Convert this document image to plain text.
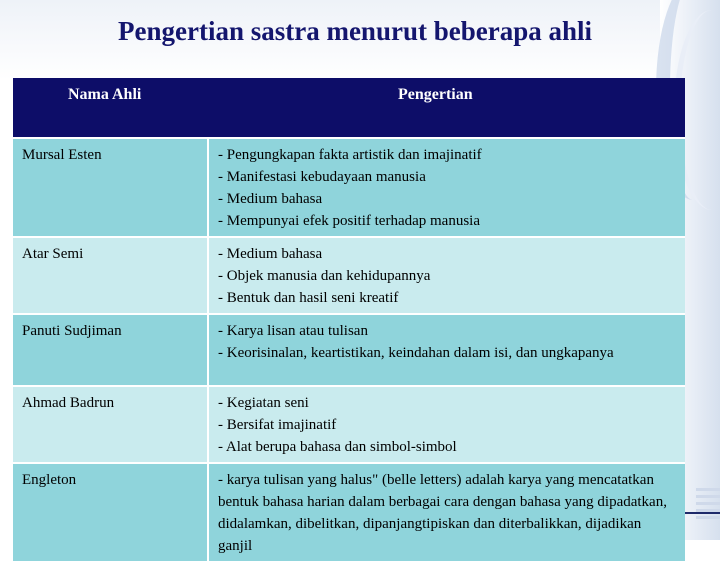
Pengertian sastra menurut beberapa ahli
Nama Ahli	Pengertian
Mursal Esten	- Pengungkapan fakta artistik dan imajinatif
- Manifestasi kebudayaan manusia
- Medium bahasa
- Mempunyai efek positif terhadap manusia

Atar Semi	- Medium bahasa
- Objek manusia dan kehidupannya
- Bentuk dan hasil seni kreatif

Panuti Sudjiman	- Karya lisan atau tulisan
- Keorisinalan, keartistikan, keindahan dalam isi, dan ungkapanya

Ahmad Badrun	- Kegiatan seni
- Bersifat imajinatif
- Alat berupa bahasa dan simbol-simbol

Engleton	- karya tulisan yang halus" (belle letters) adalah karya yang mencatatkan bentuk bahasa harian dalam berbagai cara dengan bahasa yang dipadatkan, didalamkan, dibelitkan, dipanjangtipiskan dan diterbalikkan, dijadikan ganjil
